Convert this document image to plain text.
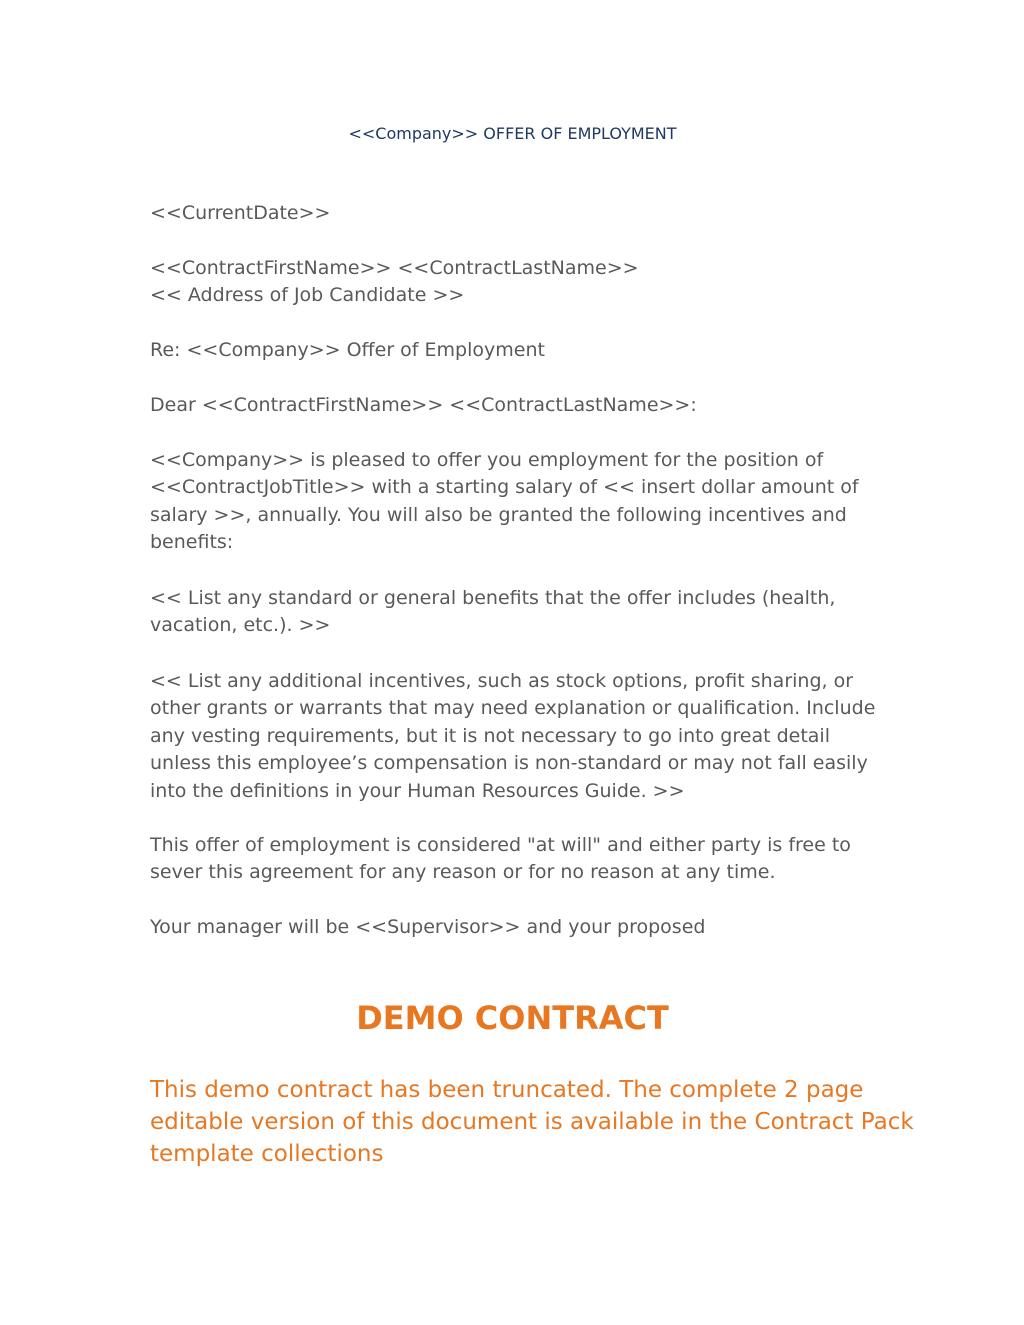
<<Company>> OFFER OF EMPLOYMENT

<<CurrentDate>>

<<ContractFirstName>> <<ContractLastName>>
<< Address of Job Candidate >>

Re: <<Company>> Offer of Employment

Dear <<ContractFirstName>> <<ContractLastName>>:

<<Company>> is pleased to offer you employment for the position of
<<ContractJobTitle>> with a starting salary of << insert dollar amount of
salary >>, annually. You will also be granted the following incentives and
benefits:

<< List any standard or general benefits that the offer includes (health,
vacation, etc.). >>

<< List any additional incentives, such as stock options, profit sharing, or
other grants or warrants that may need explanation or qualification. Include
any vesting requirements, but it is not necessary to go into great detail
unless this employee’s compensation is non-standard or may not fall easily
into the definitions in your Human Resources Guide. >>

This offer of employment is considered "at will" and either party is free to
sever this agreement for any reason or for no reason at any time.

Your manager will be <<Supervisor>> and your proposed

DEMO CONTRACT
This demo contract has been truncated. The complete 2 page
editable version of this document is available in the Contract Pack
template collections
